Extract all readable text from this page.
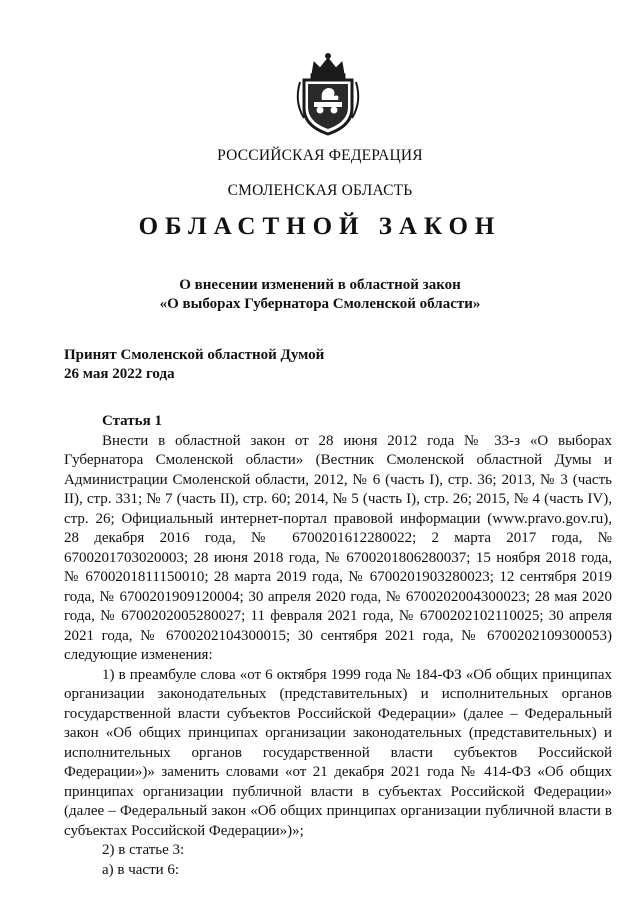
РОССИЙСКАЯ ФЕДЕРАЦИЯ
СМОЛЕНСКАЯ ОБЛАСТЬ
ОБЛАСТНОЙ ЗАКОН
О внесении изменений в областной закон
«О выборах Губернатора Смоленской области»
Принят Смоленской областной Думой
26 мая 2022 года
Статья 1

Внести в областной закон от 28 июня 2012 года № 33-з «О выборах Губернатора Смоленской области» (Вестник Смоленской областной Думы и Администрации Смоленской области, 2012, № 6 (часть I), стр. 36; 2013, № 3 (часть II), стр. 331; № 7 (часть II), стр. 60; 2014, № 5 (часть I), стр. 26; 2015, № 4 (часть IV), стр. 26; Официальный интернет-портал правовой информации (www.pravo.gov.ru), 28 декабря 2016 года, № 6700201612280022; 2 марта 2017 года, № 6700201703020003; 28 июня 2018 года, № 6700201806280037; 15 ноября 2018 года, № 6700201811150010; 28 марта 2019 года, № 6700201903280023; 12 сентября 2019 года, № 6700201909120004; 30 апреля 2020 года, № 6700202004300023; 28 мая 2020 года, № 6700202005280027; 11 февраля 2021 года, № 6700202102110025; 30 апреля 2021 года, № 6700202104300015; 30 сентября 2021 года, № 6700202109300053) следующие изменения:

1) в преамбуле слова «от 6 октября 1999 года № 184-ФЗ «Об общих принципах организации законодательных (представительных) и исполнительных органов государственной власти субъектов Российской Федерации» (далее – Федеральный закон «Об общих принципах организации законодательных (представительных) и исполнительных органов государственной власти субъектов Российской Федерации»)» заменить словами «от 21 декабря 2021 года № 414-ФЗ «Об общих принципах организации публичной власти в субъектах Российской Федерации» (далее – Федеральный закон «Об общих принципах организации публичной власти в субъектах Российской Федерации»)»;

2) в статье 3:

а) в части 6:
